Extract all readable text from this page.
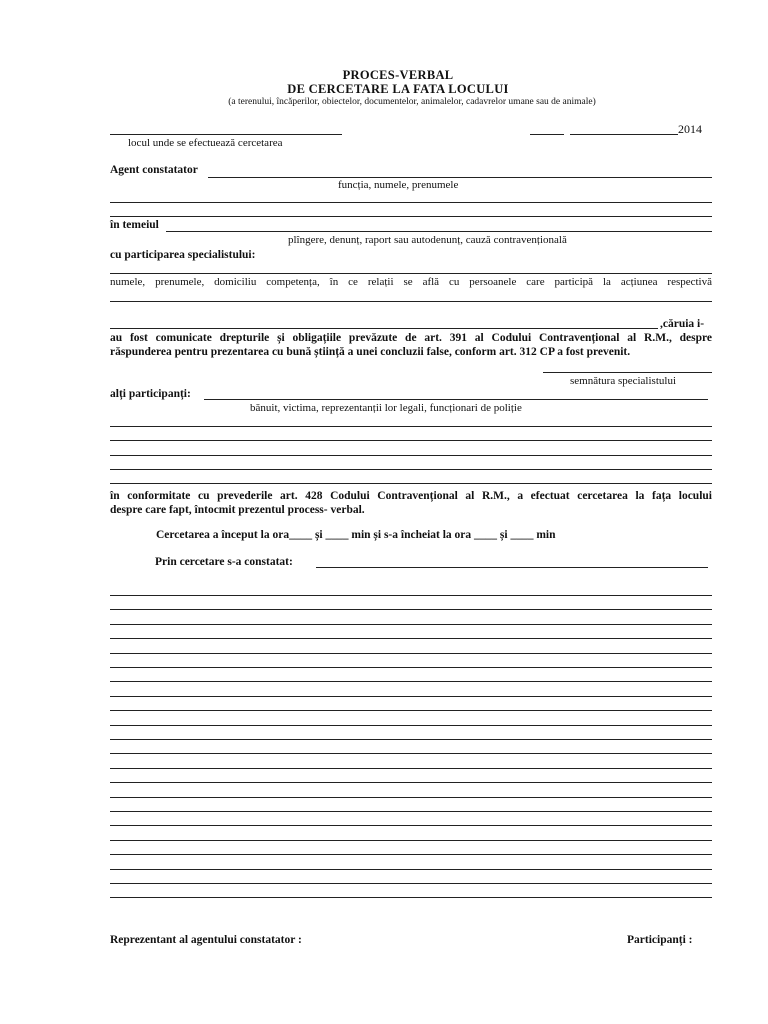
PROCES-VERBAL
DE CERCETARE LA FATA LOCULUI
(a terenului, încăperilor, obiectelor, documentelor, animalelor, cadavrelor umane sau de animale)
2014
locul unde se efectuează cercetarea
Agent constatator
funcția, numele, prenumele
în temeiul
plîngere, denunț, raport sau autodenunț, cauză contravențională
cu participarea specialistului:
numele, prenumele, domiciliu competența, în ce relații se află cu persoanele care participă la acțiunea respectivă
,căruia i-
au fost comunicate drepturile și obligațiile prevăzute de art. 391 al Codului Contravențional al R.M., despre
răspunderea pentru prezentarea cu bună știință a unei concluzii false, conform art. 312 CP a fost prevenit.
semnătura specialistului
alți participanți:
bănuit, victima, reprezentanții lor legali, funcționari de poliție
în conformitate cu prevederile art. 428 Codului Contravențional al R.M., a efectuat cercetarea la fața locului
despre care fapt, întocmit prezentul process- verbal.
Cercetarea a început la ora____ și ____ min și s-a încheiat la ora ____ și ____ min
Prin cercetare s-a constatat:
Reprezentant al agentului constatator :	Participanți :
